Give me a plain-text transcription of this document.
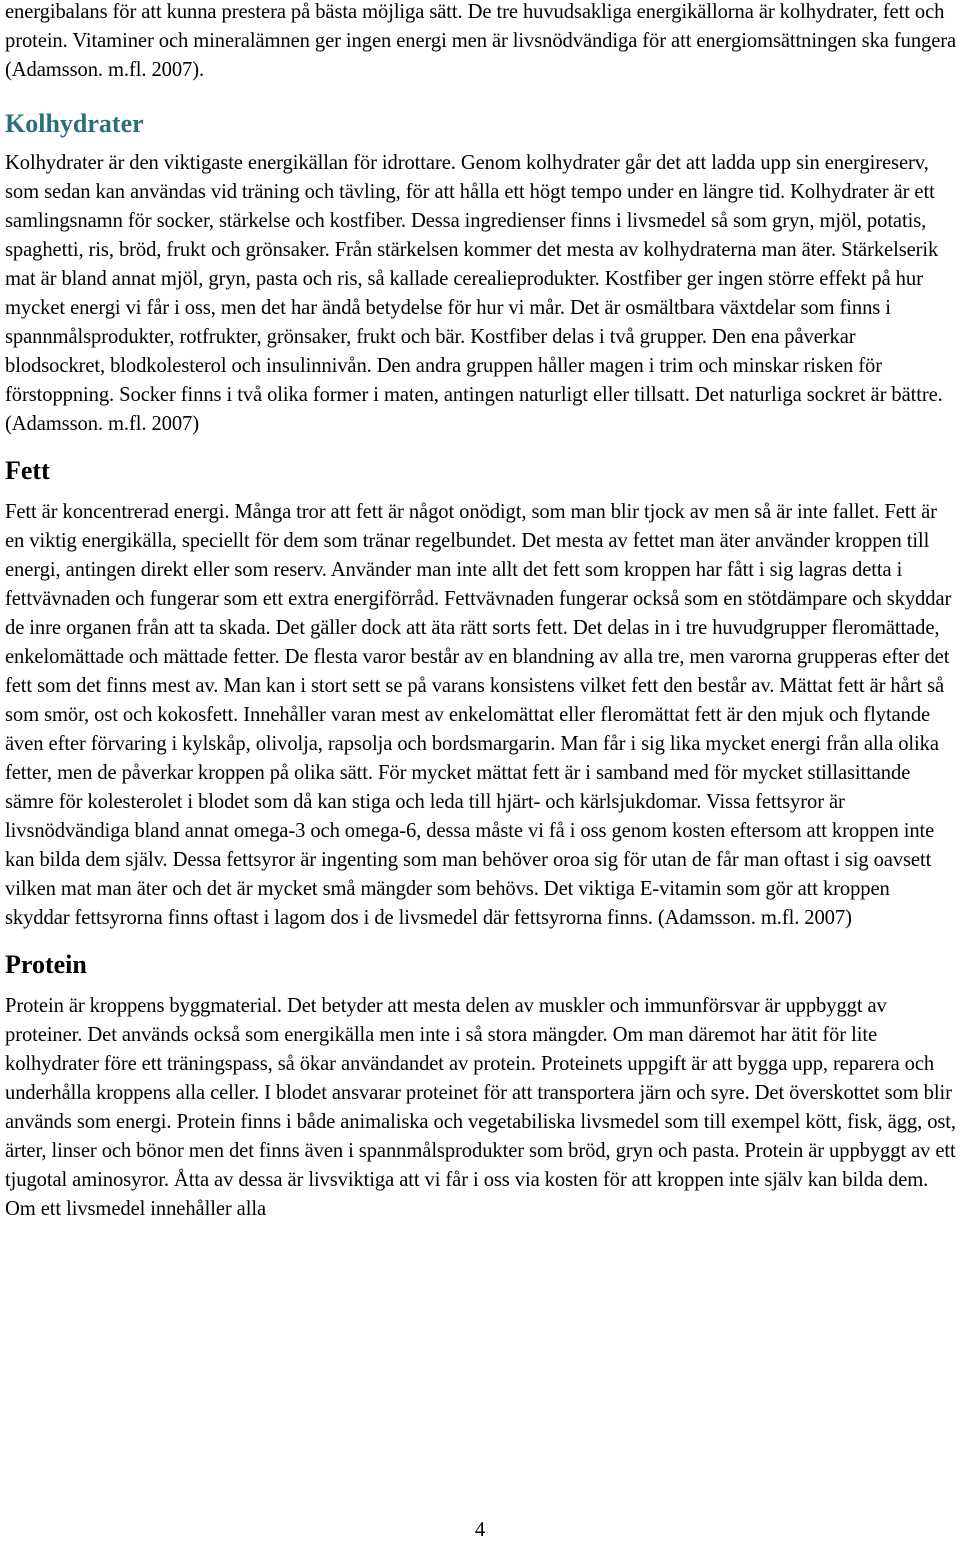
energibalans för att kunna prestera på bästa möjliga sätt. De tre huvudsakliga energikällorna är kolhydrater, fett och protein. Vitaminer och mineralämnen ger ingen energi men är livsnödvändiga för att energiomsättningen ska fungera (Adamsson. m.fl. 2007).

Kolhydrater

Kolhydrater är den viktigaste energikällan för idrottare. Genom kolhydrater går det att ladda upp sin energireserv, som sedan kan användas vid träning och tävling, för att hålla ett högt tempo under en längre tid. Kolhydrater är ett samlingsnamn för socker, stärkelse och kostfiber. Dessa ingredienser finns i livsmedel så som gryn, mjöl, potatis, spaghetti, ris, bröd, frukt och grönsaker. Från stärkelsen kommer det mesta av kolhydraterna man äter. Stärkelserik mat är bland annat mjöl, gryn, pasta och ris, så kallade cerealieprodukter. Kostfiber ger ingen större effekt på hur mycket energi vi får i oss, men det har ändå betydelse för hur vi mår. Det är osmältbara växtdelar som finns i spannmålsprodukter, rotfrukter, grönsaker, frukt och bär. Kostfiber delas i två grupper. Den ena påverkar blodsockret, blodkolesterol och insulinnivån. Den andra gruppen håller magen i trim och minskar risken för förstoppning. Socker finns i två olika former i maten, antingen naturligt eller tillsatt. Det naturliga sockret är bättre. (Adamsson. m.fl. 2007)

Fett

Fett är koncentrerad energi. Många tror att fett är något onödigt, som man blir tjock av men så är inte fallet. Fett är en viktig energikälla, speciellt för dem som tränar regelbundet. Det mesta av fettet man äter använder kroppen till energi, antingen direkt eller som reserv. Använder man inte allt det fett som kroppen har fått i sig lagras detta i fettvävnaden och fungerar som ett extra energiförråd. Fettvävnaden fungerar också som en stötdämpare och skyddar de inre organen från att ta skada. Det gäller dock att äta rätt sorts fett. Det delas in i tre huvudgrupper fleromättade, enkelomättade och mättade fetter. De flesta varor består av en blandning av alla tre, men varorna grupperas efter det fett som det finns mest av. Man kan i stort sett se på varans konsistens vilket fett den består av. Mättat fett är hårt så som smör, ost och kokosfett. Innehåller varan mest av enkelomättat eller fleromättat fett är den mjuk och flytande även efter förvaring i kylskåp, olivolja, rapsolja och bordsmargarin. Man får i sig lika mycket energi från alla olika fetter, men de påverkar kroppen på olika sätt. För mycket mättat fett är i samband med för mycket stillasittande sämre för kolesterolet i blodet som då kan stiga och leda till hjärt- och kärlsjukdomar. Vissa fettsyror är livsnödvändiga bland annat omega-3 och omega-6, dessa måste vi få i oss genom kosten eftersom att kroppen inte kan bilda dem själv. Dessa fettsyror är ingenting som man behöver oroa sig för utan de får man oftast i sig oavsett vilken mat man äter och det är mycket små mängder som behövs. Det viktiga E-vitamin som gör att kroppen skyddar fettsyrorna finns oftast i lagom dos i de livsmedel där fettsyrorna finns. (Adamsson. m.fl. 2007)

Protein

Protein är kroppens byggmaterial. Det betyder att mesta delen av muskler och immunförsvar är uppbyggt av proteiner. Det används också som energikälla men inte i så stora mängder. Om man däremot har ätit för lite kolhydrater före ett träningspass, så ökar användandet av protein. Proteinets uppgift är att bygga upp, reparera och underhålla kroppens alla celler. I blodet ansvarar proteinet för att transportera järn och syre. Det överskottet som blir används som energi. Protein finns i både animaliska och vegetabiliska livsmedel som till exempel kött, fisk, ägg, ost, ärter, linser och bönor men det finns även i spannmålsprodukter som bröd, gryn och pasta. Protein är uppbyggt av ett tjugotal aminosyror. Åtta av dessa är livsviktiga att vi får i oss via kosten för att kroppen inte själv kan bilda dem. Om ett livsmedel innehåller alla

4
